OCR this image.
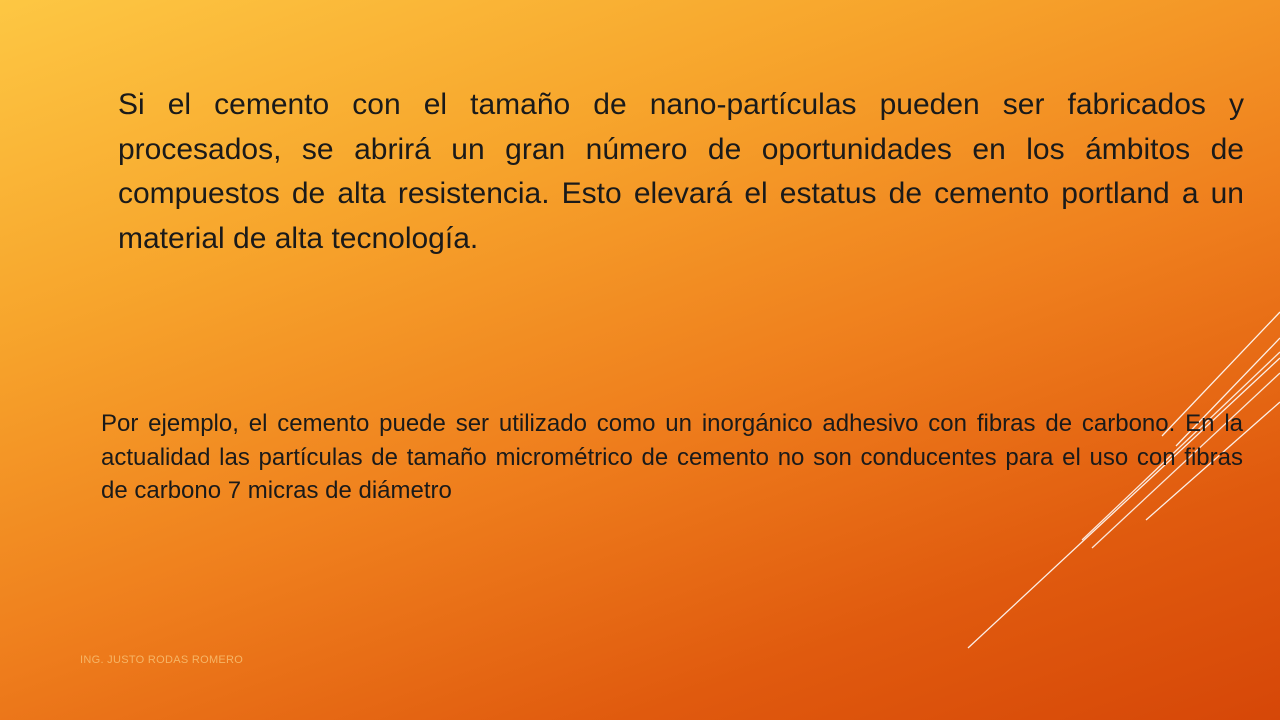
Si el cemento con el tamaño de nano-partículas pueden ser fabricados y procesados, se abrirá un gran número de oportunidades en los ámbitos de compuestos de alta resistencia. Esto elevará el estatus de cemento portland a un material de alta tecnología.

Por ejemplo, el cemento puede ser utilizado como un inorgánico adhesivo con fibras de carbono. En la actualidad las partículas de tamaño micrométrico de cemento no son conducentes para el uso con fibras de carbono 7 micras de diámetro

ING. JUSTO RODAS ROMERO
